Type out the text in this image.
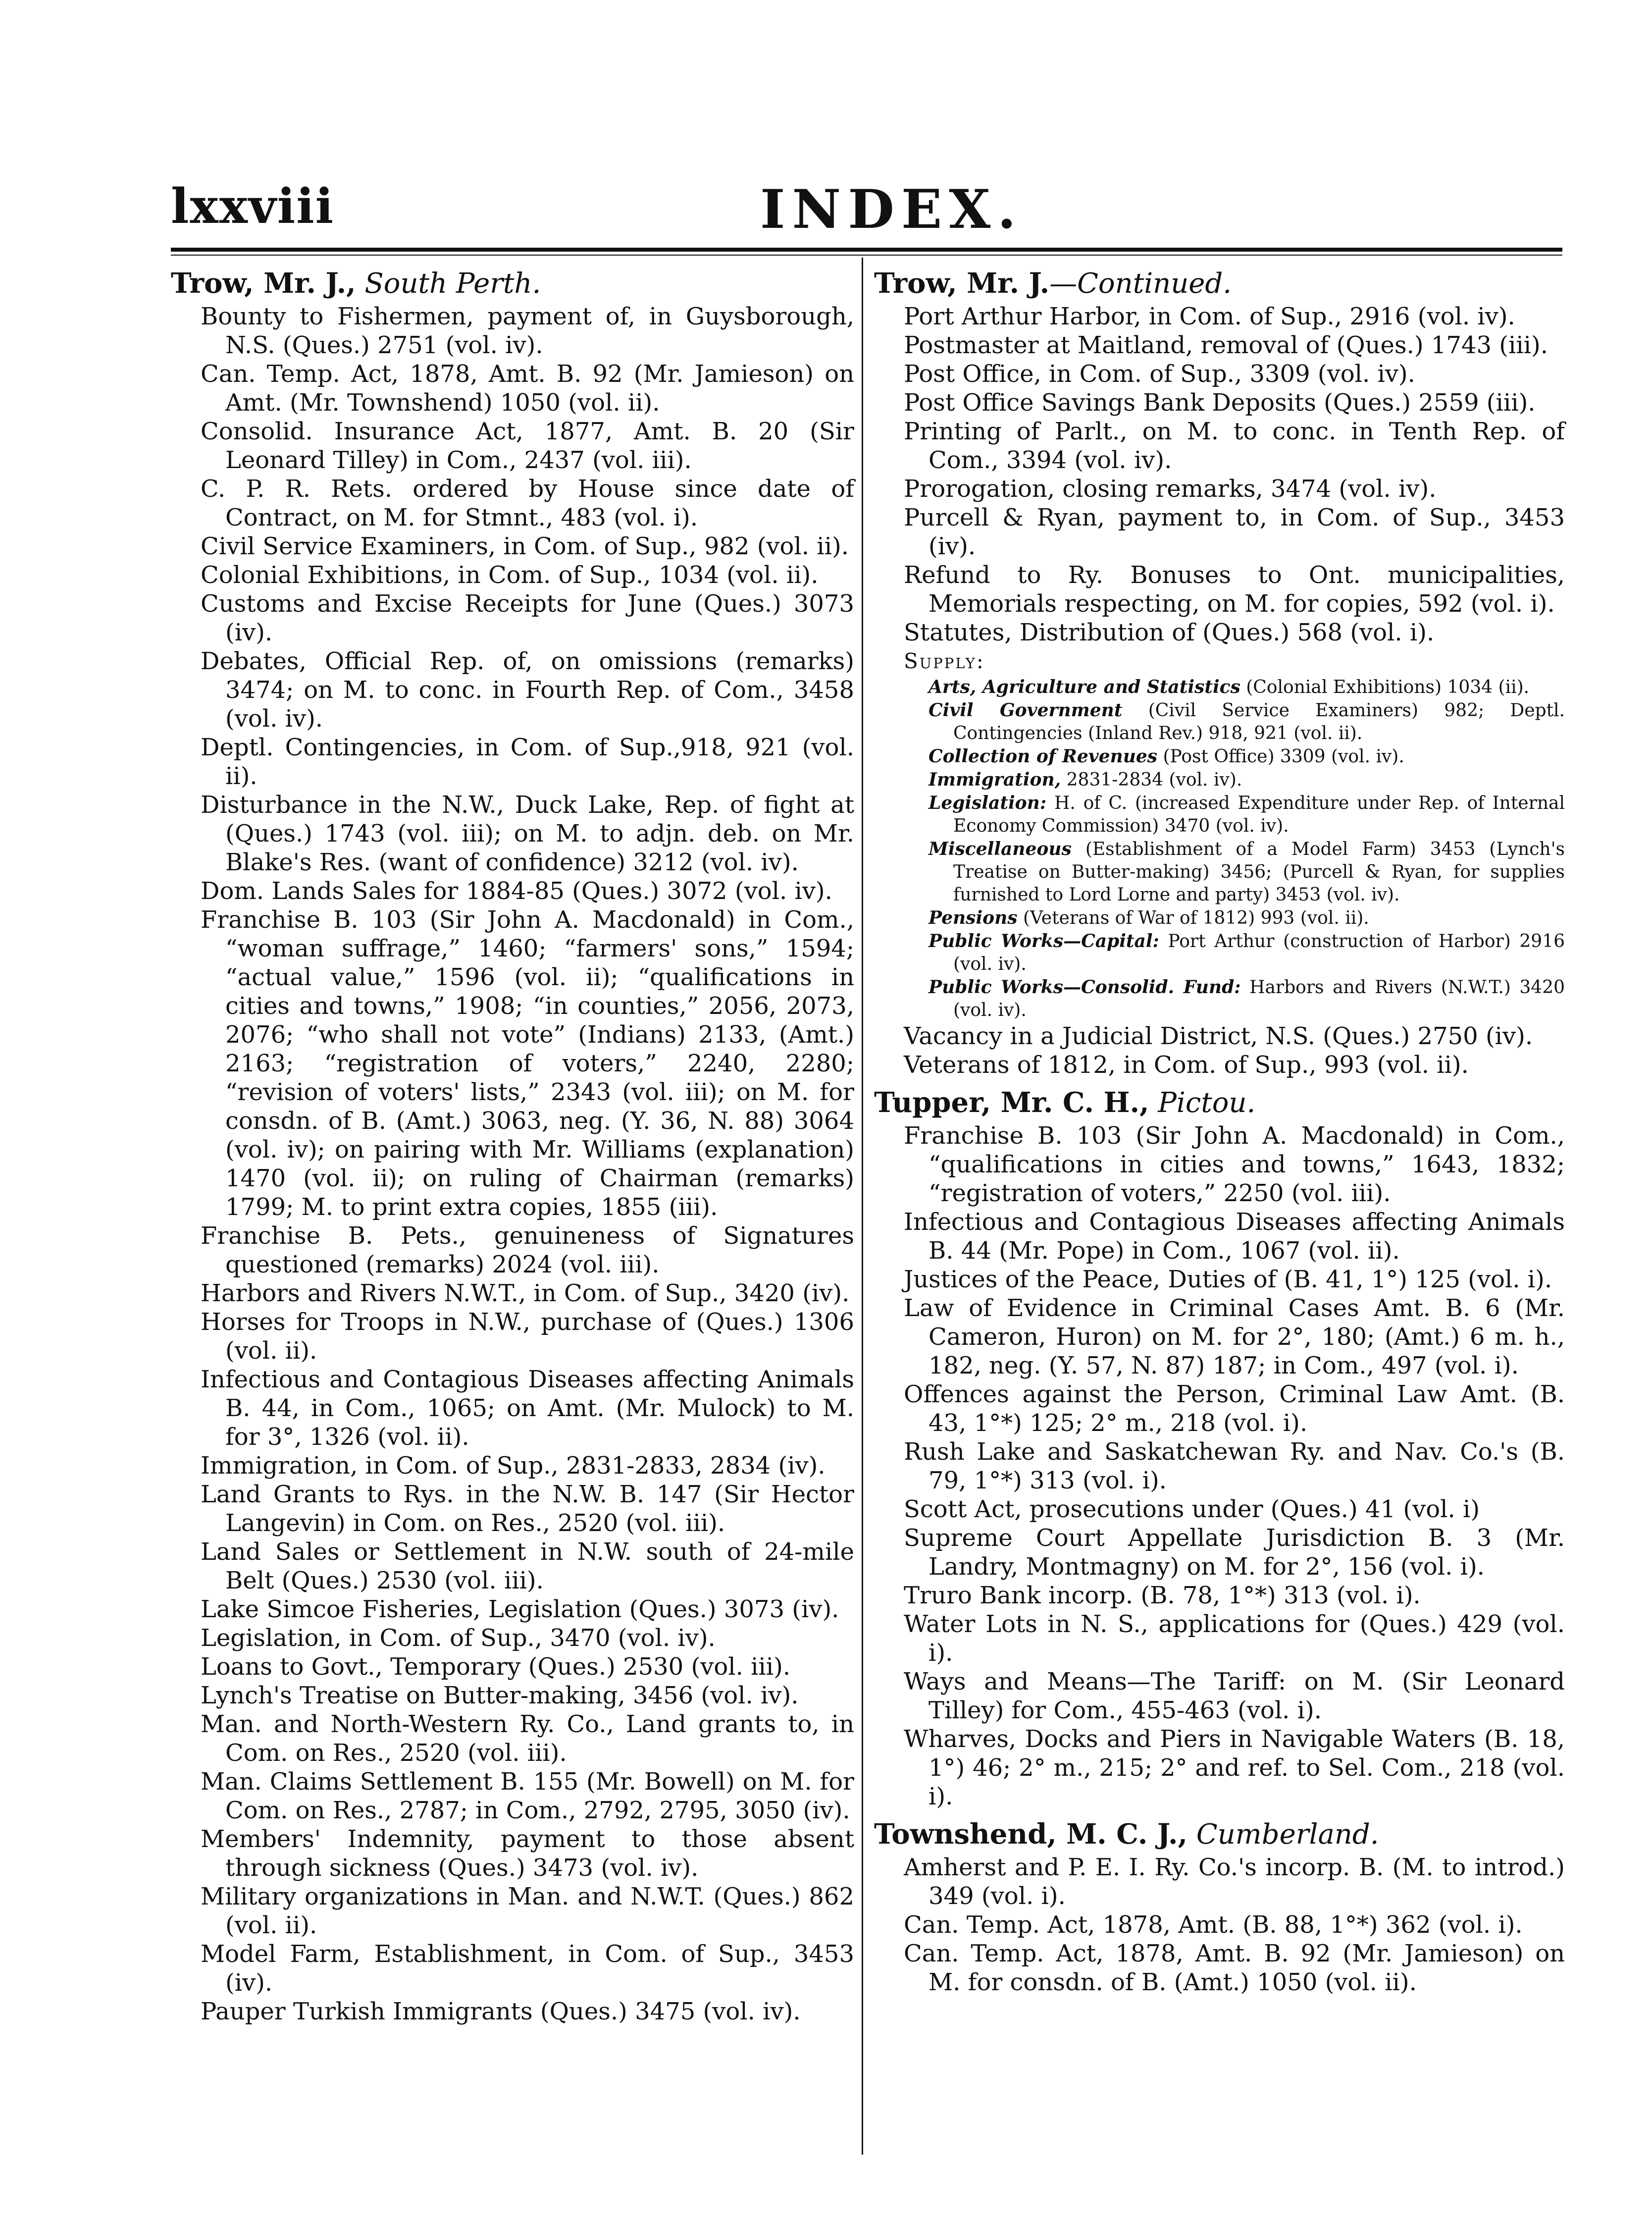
lxxviii	INDEX.
Trow, Mr. J., South Perth.
Bounty to Fishermen, payment of, in Guysborough, N.S. (Ques.) 2751 (vol. iv).
Can. Temp. Act, 1878, Amt. B. 92 (Mr. Jamieson) on Amt. (Mr. Townshend) 1050 (vol. ii).
Consolid. Insurance Act, 1877, Amt. B. 20 (Sir Leonard Tilley) in Com., 2437 (vol. iii).
C. P. R. Rets. ordered by House since date of Contract, on M. for Stmnt., 483 (vol. i).
Civil Service Examiners, in Com. of Sup., 982 (vol. ii).
Colonial Exhibitions, in Com. of Sup., 1034 (vol. ii).
Customs and Excise Receipts for June (Ques.) 3073 (iv).
Debates, Official Rep. of, on omissions (remarks) 3474; on M. to conc. in Fourth Rep. of Com., 3458 (vol. iv).
Deptl. Contingencies, in Com. of Sup.,918, 921 (vol. ii).
Disturbance in the N.W., Duck Lake, Rep. of fight at (Ques.) 1743 (vol. iii); on M. to adjn. deb. on Mr. Blake's Res. (want of confidence) 3212 (vol. iv).
Dom. Lands Sales for 1884-85 (Ques.) 3072 (vol. iv).
Franchise B. 103 (Sir John A. Macdonald) in Com., “woman suffrage,” 1460; “farmers' sons,” 1594; “actual value,” 1596 (vol. ii); “qualifications in cities and towns,” 1908; “in counties,” 2056, 2073, 2076; “who shall not vote” (Indians) 2133, (Amt.) 2163; “registration of voters,” 2240, 2280; “revision of voters' lists,” 2343 (vol. iii); on M. for consdn. of B. (Amt.) 3063, neg. (Y. 36, N. 88) 3064 (vol. iv); on pairing with Mr. Williams (explanation) 1470 (vol. ii); on ruling of Chairman (remarks) 1799; M. to print extra copies, 1855 (iii).
Franchise B. Pets., genuineness of Signatures questioned (remarks) 2024 (vol. iii).
Harbors and Rivers N.W.T., in Com. of Sup., 3420 (iv).
Horses for Troops in N.W., purchase of (Ques.) 1306 (vol. ii).
Infectious and Contagious Diseases affecting Animals B. 44, in Com., 1065; on Amt. (Mr. Mulock) to M. for 3°, 1326 (vol. ii).
Immigration, in Com. of Sup., 2831-2833, 2834 (iv).
Land Grants to Rys. in the N.W. B. 147 (Sir Hector Langevin) in Com. on Res., 2520 (vol. iii).
Land Sales or Settlement in N.W. south of 24-mile Belt (Ques.) 2530 (vol. iii).
Lake Simcoe Fisheries, Legislation (Ques.) 3073 (iv).
Legislation, in Com. of Sup., 3470 (vol. iv).
Loans to Govt., Temporary (Ques.) 2530 (vol. iii).
Lynch's Treatise on Butter-making, 3456 (vol. iv).
Man. and North-Western Ry. Co., Land grants to, in Com. on Res., 2520 (vol. iii).
Man. Claims Settlement B. 155 (Mr. Bowell) on M. for Com. on Res., 2787; in Com., 2792, 2795, 3050 (iv).
Members' Indemnity, payment to those absent through sickness (Ques.) 3473 (vol. iv).
Military organizations in Man. and N.W.T. (Ques.) 862 (vol. ii).
Model Farm, Establishment, in Com. of Sup., 3453 (iv).
Pauper Turkish Immigrants (Ques.) 3475 (vol. iv).
Trow, Mr. J.—Continued.
Port Arthur Harbor, in Com. of Sup., 2916 (vol. iv).
Postmaster at Maitland, removal of (Ques.) 1743 (iii).
Post Office, in Com. of Sup., 3309 (vol. iv).
Post Office Savings Bank Deposits (Ques.) 2559 (iii).
Printing of Parlt., on M. to conc. in Tenth Rep. of Com., 3394 (vol. iv).
Prorogation, closing remarks, 3474 (vol. iv).
Purcell & Ryan, payment to, in Com. of Sup., 3453 (iv).
Refund to Ry. Bonuses to Ont. municipalities, Memorials respecting, on M. for copies, 592 (vol. i).
Statutes, Distribution of (Ques.) 568 (vol. i).
Supply:
Arts, Agriculture and Statistics (Colonial Exhibitions) 1034 (ii).
Civil Government (Civil Service Examiners) 982; Deptl. Contingencies (Inland Rev.) 918, 921 (vol. ii).
Collection of Revenues (Post Office) 3309 (vol. iv).
Immigration, 2831-2834 (vol. iv).
Legislation: H. of C. (increased Expenditure under Rep. of Internal Economy Commission) 3470 (vol. iv).
Miscellaneous (Establishment of a Model Farm) 3453 (Lynch's Treatise on Butter-making) 3456; (Purcell & Ryan, for supplies furnished to Lord Lorne and party) 3453 (vol. iv).
Pensions (Veterans of War of 1812) 993 (vol. ii).
Public Works—Capital: Port Arthur (construction of Harbor) 2916 (vol. iv).
Public Works—Consolid. Fund: Harbors and Rivers (N.W.T.) 3420 (vol. iv).
Vacancy in a Judicial District, N.S. (Ques.) 2750 (iv).
Veterans of 1812, in Com. of Sup., 993 (vol. ii).
Tupper, Mr. C. H., Pictou.
Franchise B. 103 (Sir John A. Macdonald) in Com., “qualifications in cities and towns,” 1643, 1832; “registration of voters,” 2250 (vol. iii).
Infectious and Contagious Diseases affecting Animals B. 44 (Mr. Pope) in Com., 1067 (vol. ii).
Justices of the Peace, Duties of (B. 41, 1°) 125 (vol. i).
Law of Evidence in Criminal Cases Amt. B. 6 (Mr. Cameron, Huron) on M. for 2°, 180; (Amt.) 6 m. h., 182, neg. (Y. 57, N. 87) 187; in Com., 497 (vol. i).
Offences against the Person, Criminal Law Amt. (B. 43, 1°*) 125; 2° m., 218 (vol. i).
Rush Lake and Saskatchewan Ry. and Nav. Co.'s (B. 79, 1°*) 313 (vol. i).
Scott Act, prosecutions under (Ques.) 41 (vol. i)
Supreme Court Appellate Jurisdiction B. 3 (Mr. Landry, Montmagny) on M. for 2°, 156 (vol. i).
Truro Bank incorp. (B. 78, 1°*) 313 (vol. i).
Water Lots in N. S., applications for (Ques.) 429 (vol. i).
Ways and Means—The Tariff: on M. (Sir Leonard Tilley) for Com., 455-463 (vol. i).
Wharves, Docks and Piers in Navigable Waters (B. 18, 1°) 46; 2° m., 215; 2° and ref. to Sel. Com., 218 (vol. i).
Townshend, M. C. J., Cumberland.
Amherst and P. E. I. Ry. Co.'s incorp. B. (M. to introd.) 349 (vol. i).
Can. Temp. Act, 1878, Amt. (B. 88, 1°*) 362 (vol. i).
Can. Temp. Act, 1878, Amt. B. 92 (Mr. Jamieson) on M. for consdn. of B. (Amt.) 1050 (vol. ii).
